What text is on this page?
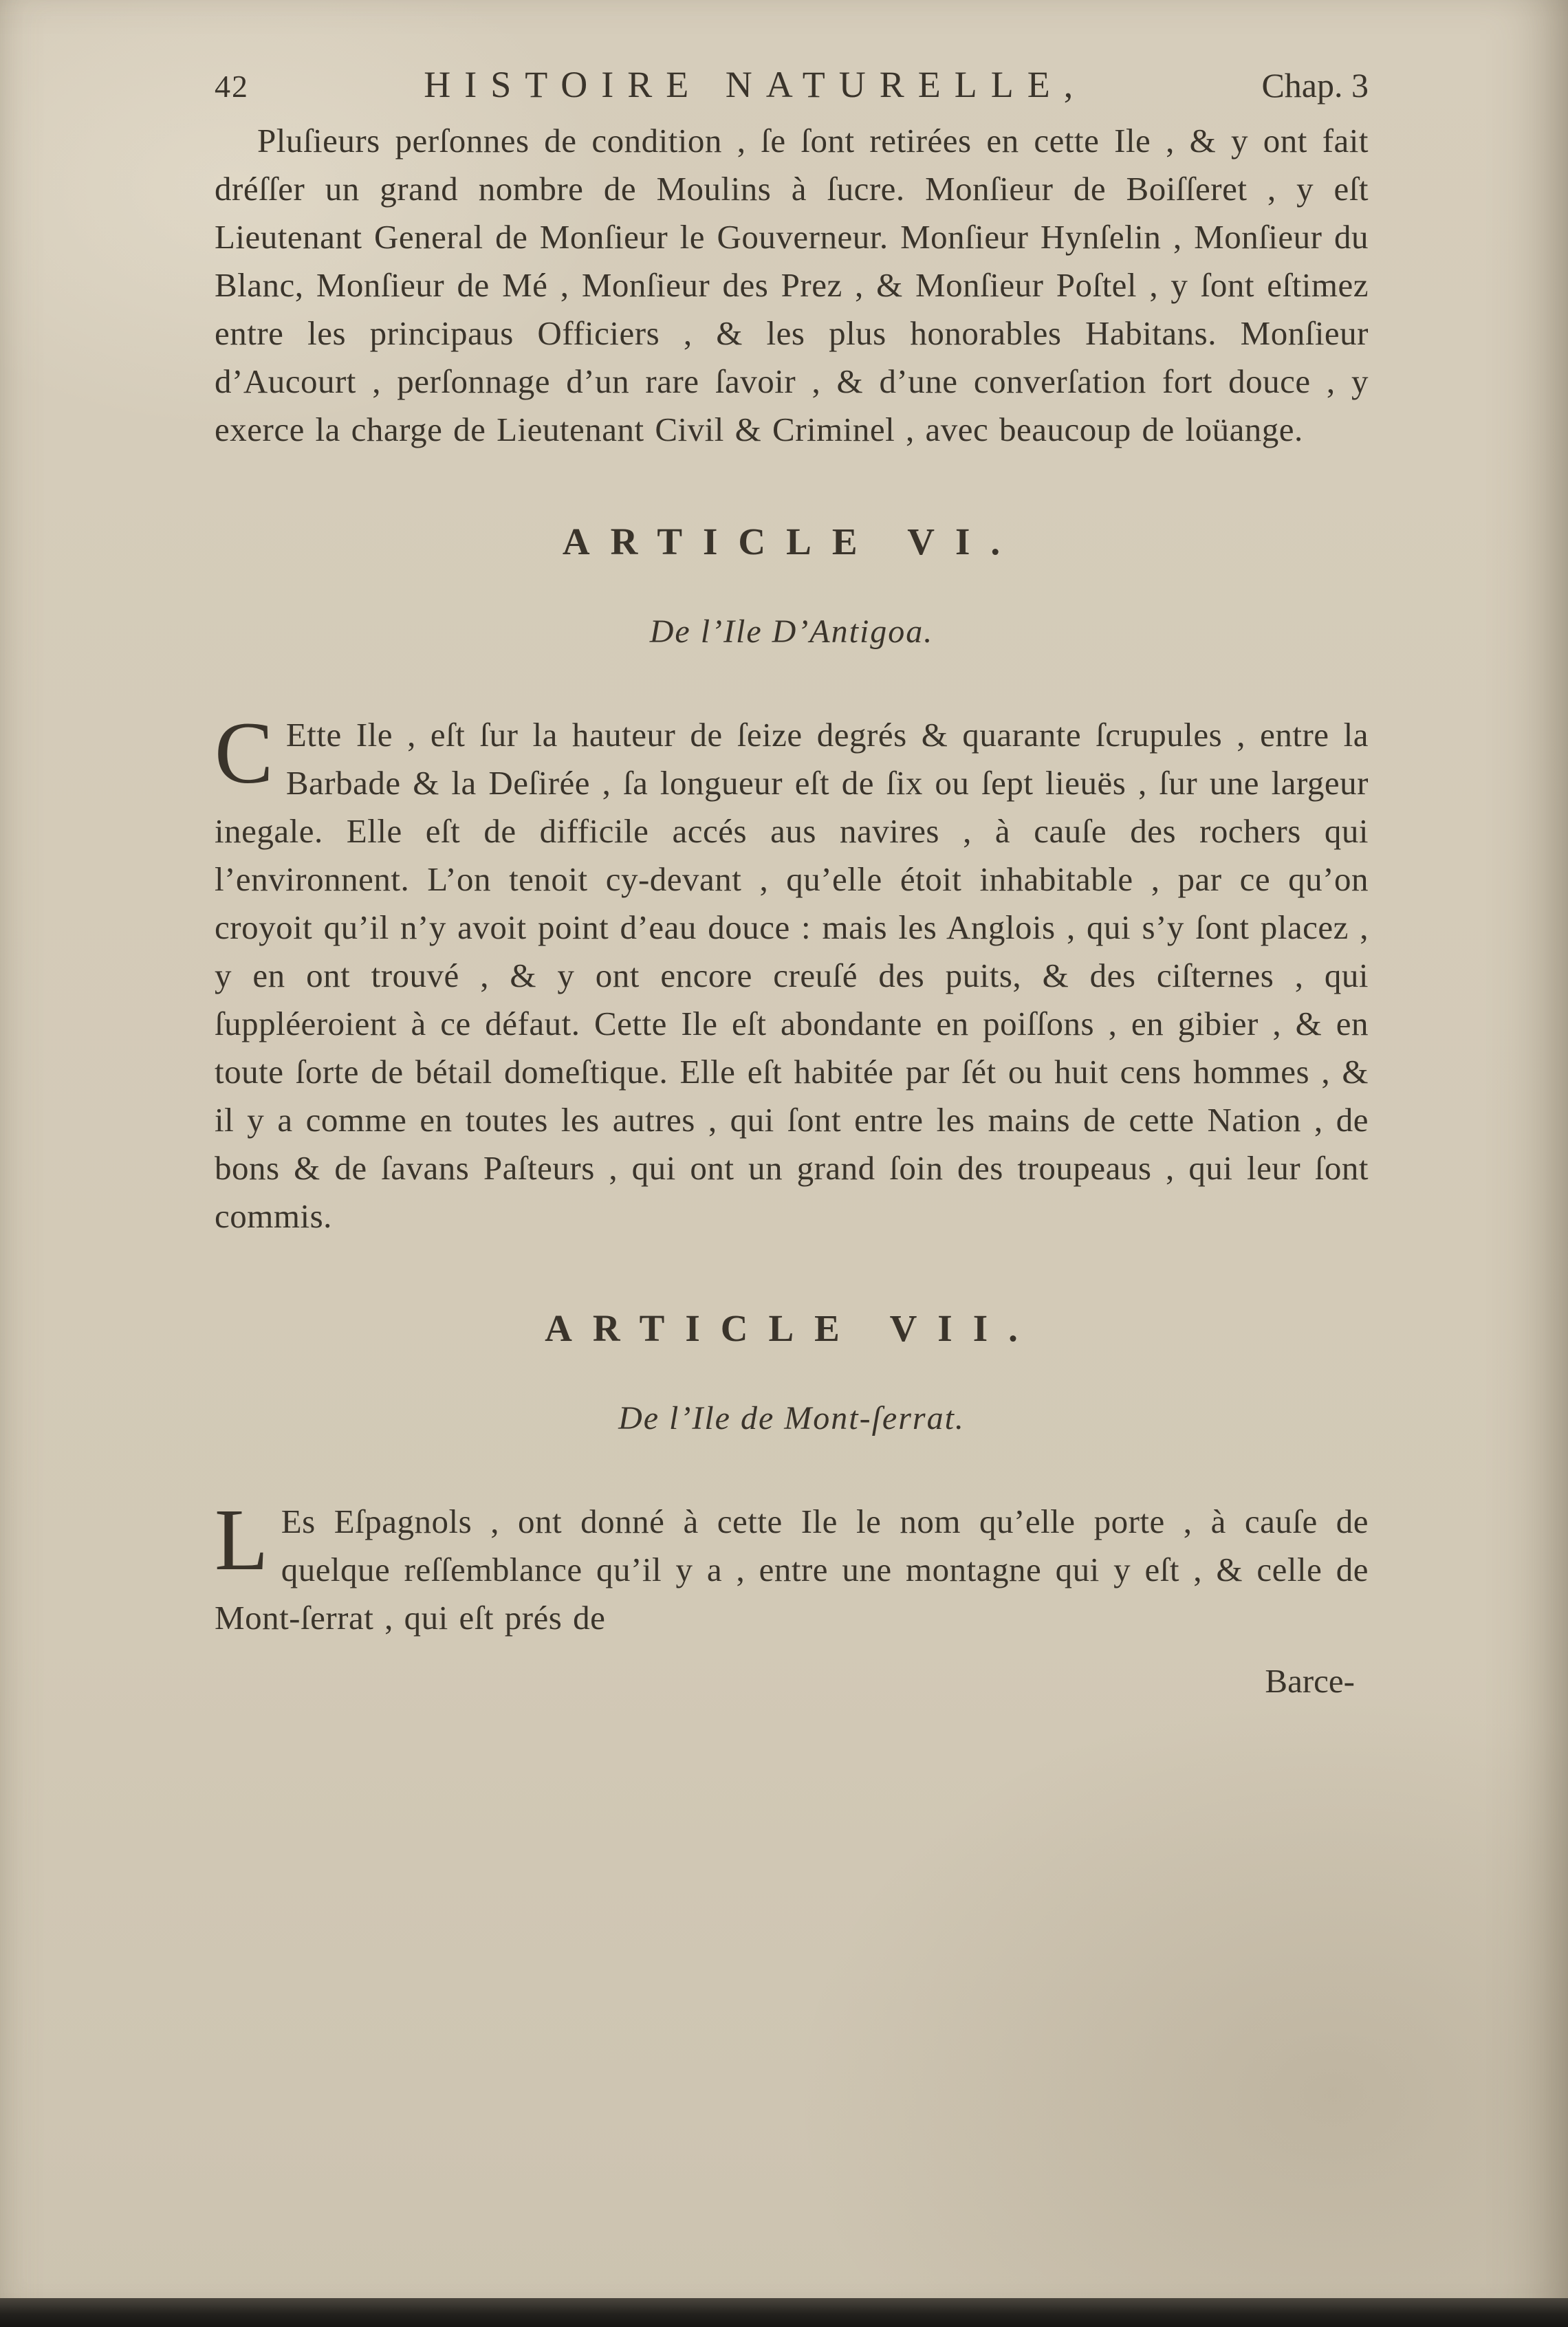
42	HISTOIRE NATURELLE,	Chap. 3

Pluſieurs perſonnes de condition , ſe ſont retirées en cette Ile , & y ont fait dréſſer un grand nombre de Moulins à ſucre. Monſieur de Boiſſeret , y eſt Lieutenant General de Monſieur le Gouverneur. Monſieur Hynſelin , Monſieur du Blanc, Monſieur de Mé , Monſieur des Prez , & Monſieur Poſtel , y ſont eſtimez entre les principaus Officiers , & les plus honorables Habitans. Monſieur d’Aucourt , perſonnage d’un rare ſavoir , & d’une converſation fort douce , y exerce la charge de Lieutenant Civil & Criminel , avec beaucoup de loüange.

ARTICLE VI.
De l’Ile D’Antigoa.

C Ette Ile , eſt ſur la hauteur de ſeize degrés & quarante ſcrupules , entre la Barbade & la Deſirée , ſa longueur eſt de ſix ou ſept lieuës , ſur une largeur inegale. Elle eſt de difficile accés aus navires , à cauſe des rochers qui l’environnent. L’on tenoit cy-devant , qu’elle étoit inhabitable , par ce qu’on croyoit qu’il n’y avoit point d’eau douce : mais les Anglois , qui s’y ſont placez , y en ont trouvé , & y ont encore creuſé des puits, & des ciſternes , qui ſuppléeroient à ce défaut. Cette Ile eſt abondante en poiſſons , en gibier , & en toute ſorte de bétail domeſtique. Elle eſt habitée par ſét ou huit cens hommes , & il y a comme en toutes les autres , qui ſont entre les mains de cette Nation , de bons & de ſavans Paſteurs , qui ont un grand ſoin des troupeaus , qui leur ſont commis.

ARTICLE VII.
De l’Ile de Mont-ſerrat.

L Es Eſpagnols , ont donné à cette Ile le nom qu’elle porte , à cauſe de quelque reſſemblance qu’il y a , entre une montagne qui y eſt , & celle de Mont-ſerrat , qui eſt prés de

Barce-
